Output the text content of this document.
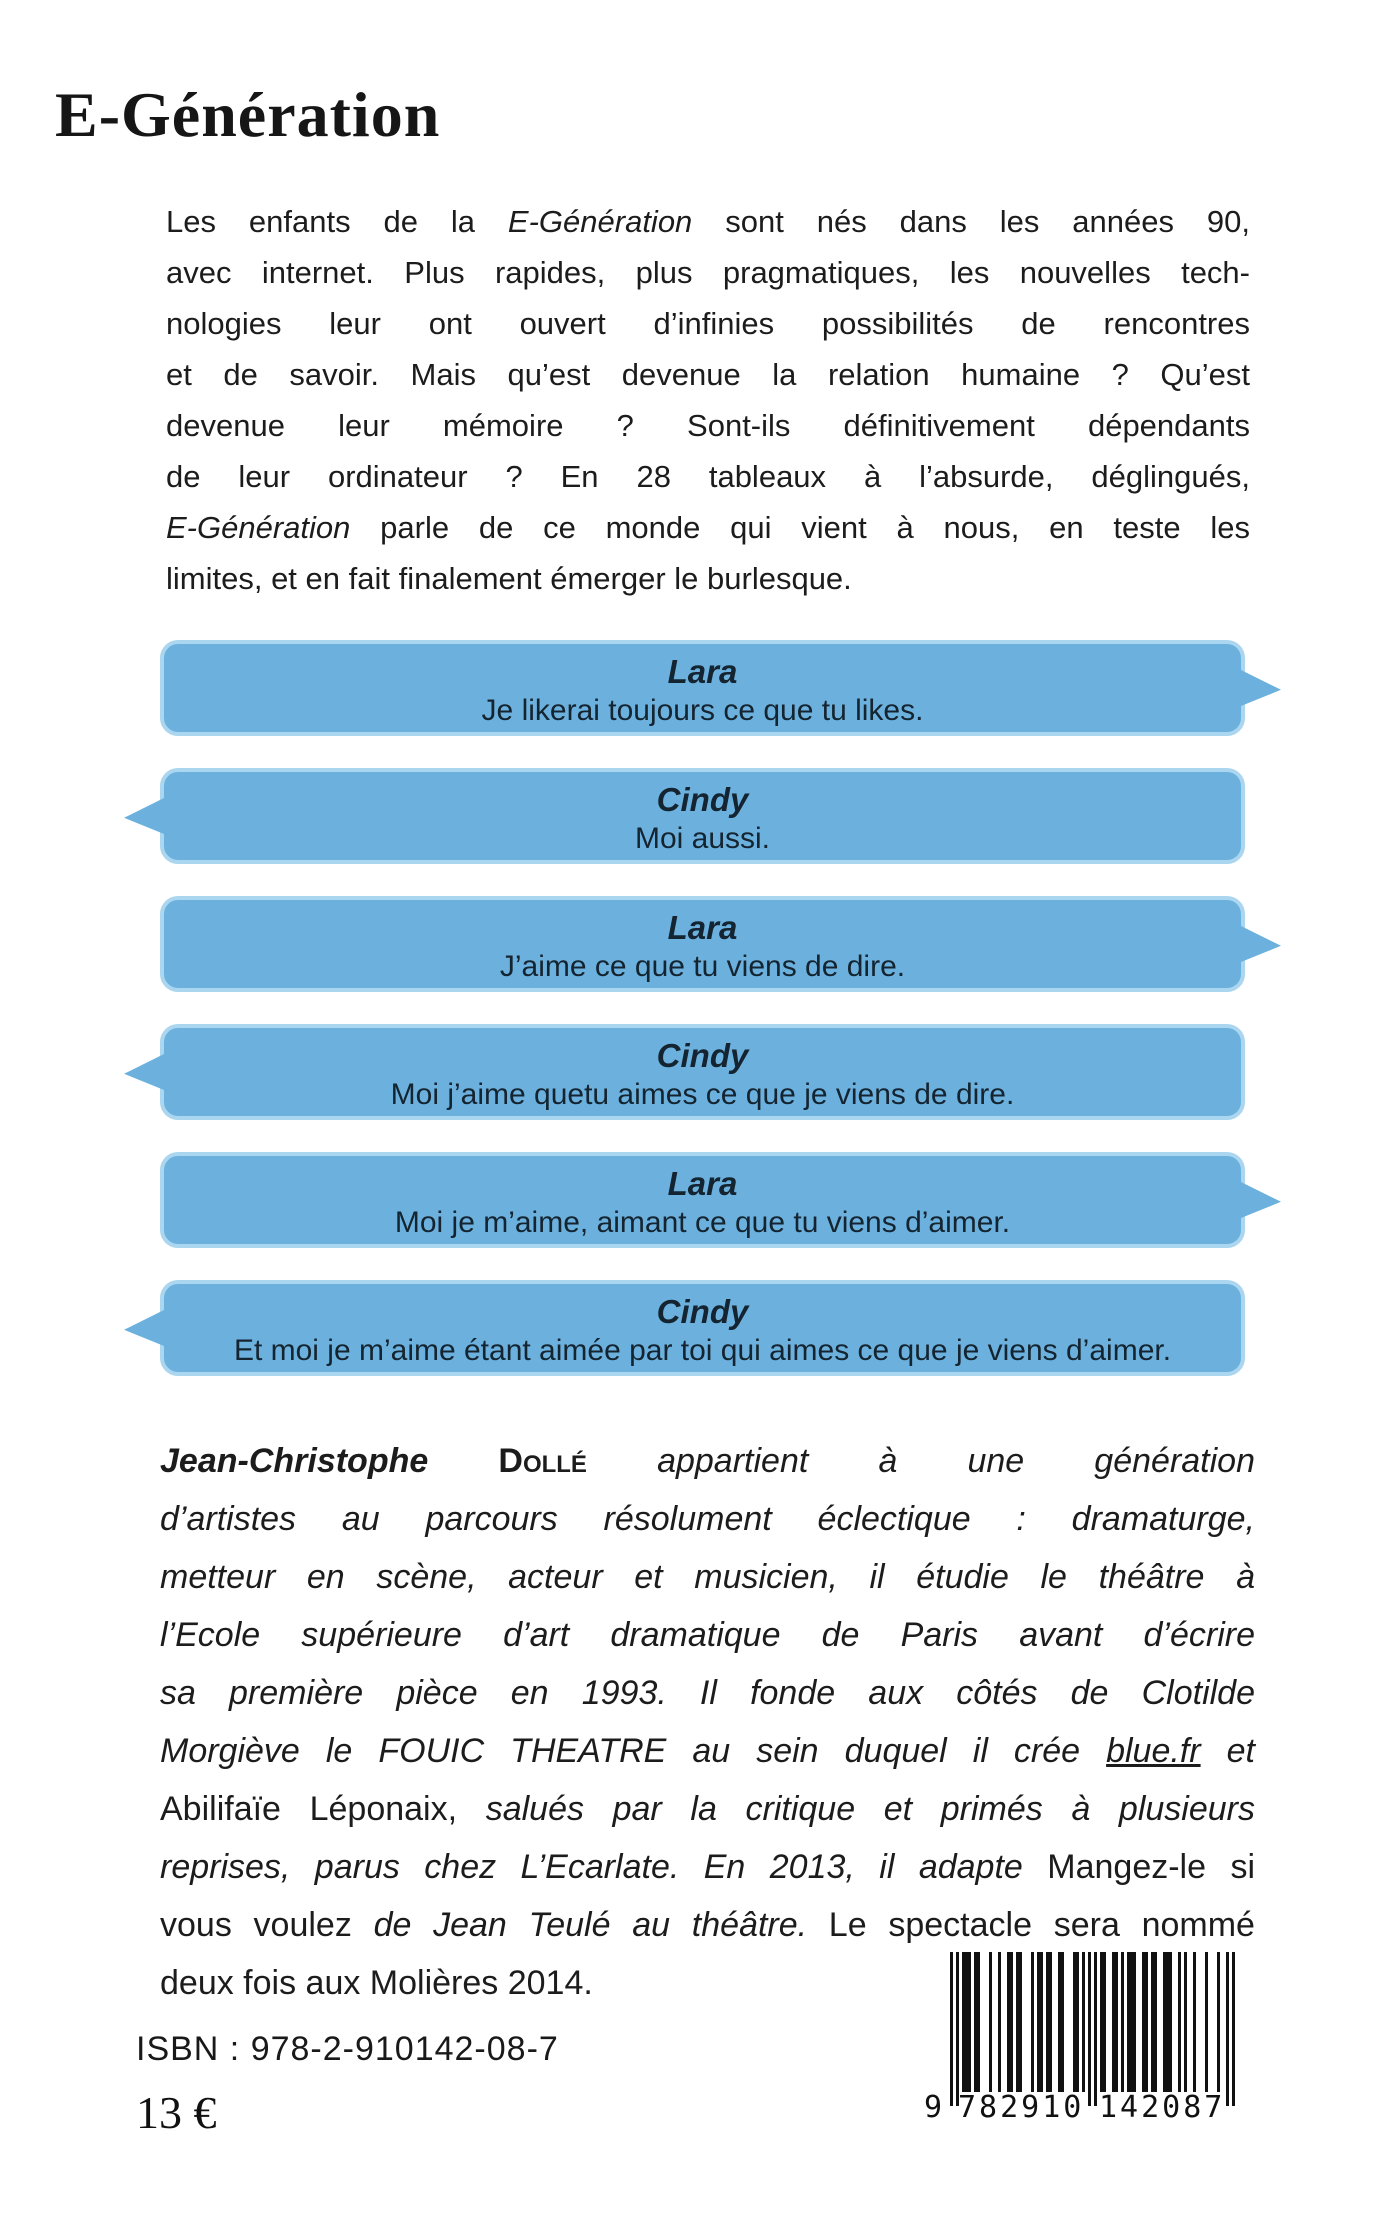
E-Génération
Les enfants de la E-Génération sont nés dans les années 90,
avec internet. Plus rapides, plus pragmatiques, les nouvelles tech-
nologies leur ont ouvert d’infinies possibilités de rencontres
et de savoir. Mais qu’est devenue la relation humaine ? Qu’est
devenue leur mémoire ? Sont-ils définitivement dépendants
de leur ordinateur ? En 28 tableaux à l’absurde, déglingués,
E-Génération parle de ce monde qui vient à nous, en teste les
limites, et en fait finalement émerger le burlesque.
Lara
Je likerai toujours ce que tu likes.
Cindy
Moi aussi.
Lara
J’aime ce que tu viens de dire.
Cindy
Moi j’aime quetu aimes ce que je viens de dire.
Lara
Moi je m’aime, aimant ce que tu viens d’aimer.
Cindy
Et moi je m’aime étant aimée par toi qui aimes ce que je viens d’aimer.
Jean-Christophe Dollé appartient à une génération
d’artistes au parcours résolument éclectique : dramaturge,
metteur en scène, acteur et musicien, il étudie le théâtre à
l’Ecole supérieure d’art dramatique de Paris avant d’écrire
sa première pièce en 1993. Il fonde aux côtés de Clotilde
Morgiève le FOUIC THEATRE au sein duquel il crée blue.fr et
Abilifaïe Léponaix, salués par la critique et primés à plusieurs
reprises, parus chez L’Ecarlate. En 2013, il adapte Mangez-le si
vous voulez de Jean Teulé au théâtre. Le spectacle sera nommé
deux fois aux Molières 2014.
ISBN : 978-2-910142-08-7
13 €	9 782910 142087
